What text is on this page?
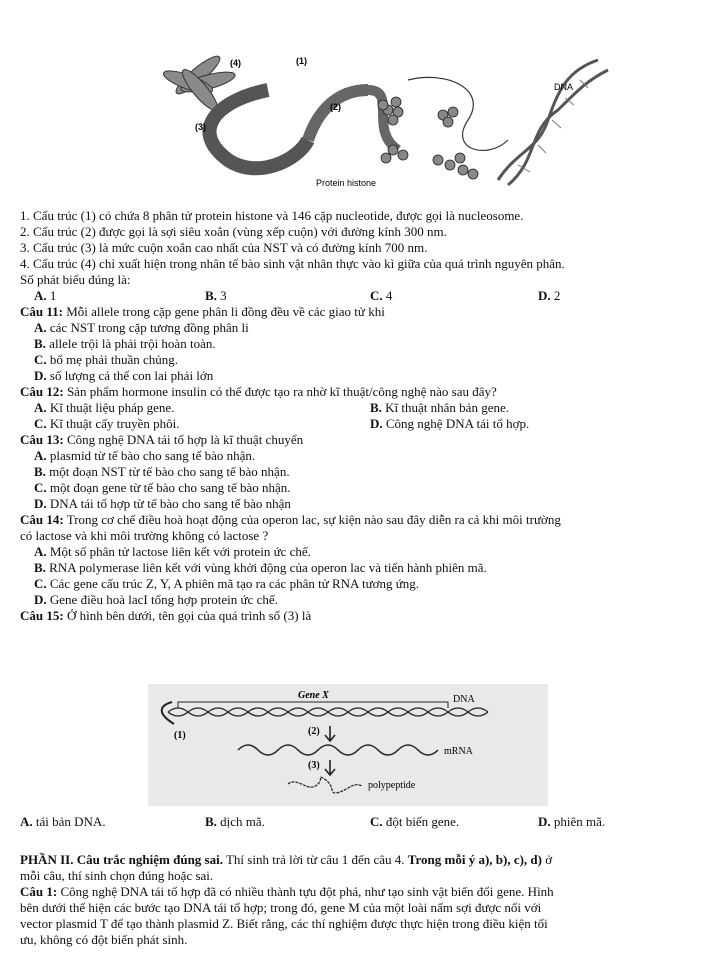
(4)	(1)
(2)
(3)
DNA
Protein histone
1. Cấu trúc (1) có chứa 8 phân tử protein histone và 146 cặp nucleotide, được gọi là nucleosome.
2. Cấu trúc (2) được gọi là sợi siêu xoắn (vùng xếp cuộn) với đường kính 300 nm.
3. Cấu trúc (3) là mức cuộn xoắn cao nhất của NST và có đường kính 700 nm.
4. Cấu trúc (4) chỉ xuất hiện trong nhân tế bào sinh vật nhân thực vào kì giữa của quá trình nguyên phân.
Số phát biểu đúng là:
A. 1	B. 3	C. 4	D. 2
Câu 11: Mỗi allele trong cặp gene phân li đồng đều về các giao tử khi
A. các NST trong cặp tương đồng phân li
B. allele trội là phải trội hoàn toàn.
C. bố mẹ phải thuần chủng.
D. số lượng cá thể con lai phải lớn
Câu 12: Sản phẩm hormone insulin có thể được tạo ra nhờ kĩ thuật/công nghệ nào sau đây?
A. Kĩ thuật liệu pháp gene.	B. Kĩ thuật nhân bản gene.
C. Kĩ thuật cấy truyền phôi.	D. Công nghệ DNA tái tổ hợp.
Câu 13: Công nghệ DNA tái tổ hợp là kĩ thuật chuyển
A. plasmid từ tế bào cho sang tế bào nhận.
B. một đoạn NST từ tế bào cho sang tế bào nhận.
C. một đoạn gene từ tế bào cho sang tế bào nhận.
D. DNA tái tổ hợp từ tế bào cho sang tế bào nhận
Câu 14: Trong cơ chế điều hoà hoạt động của operon lac, sự kiện nào sau đây diễn ra cả khi môi trường
có lactose và khi môi trường không có lactose ?
A. Một số phân tử lactose liên kết với protein ức chế.
B. RNA polymerase liên kết với vùng khởi động của operon lac và tiến hành phiên mã.
C. Các gene cấu trúc Z, Y, A phiên mã tạo ra các phân tử RNA tương ứng.
D. Gene điều hoà lacI tổng hợp protein ức chế.
Câu 15: Ở hình bên dưới, tên gọi của quá trình số (3) là
Gene X	DNA
(1)	(2)
mRNA
(3)
polypeptide
A. tái bản DNA.	B. dịch mã.	C. đột biến gene.	D. phiên mã.
PHẦN II. Câu trắc nghiệm đúng sai. Thí sinh trả lời từ câu 1 đến câu 4. Trong mỗi ý a), b), c), d) ở
mỗi câu, thí sinh chọn đúng hoặc sai.
Câu 1: Công nghệ DNA tái tổ hợp đã có nhiều thành tựu đột phá, như tạo sinh vật biến đổi gene. Hình
bên dưới thể hiện các bước tạo DNA tái tổ hợp; trong đó, gene M của một loài nấm sợi được nối với
vector plasmid T để tạo thành plasmid Z. Biết rằng, các thí nghiệm được thực hiện trong điều kiện tối
ưu, không có đột biến phát sinh.
